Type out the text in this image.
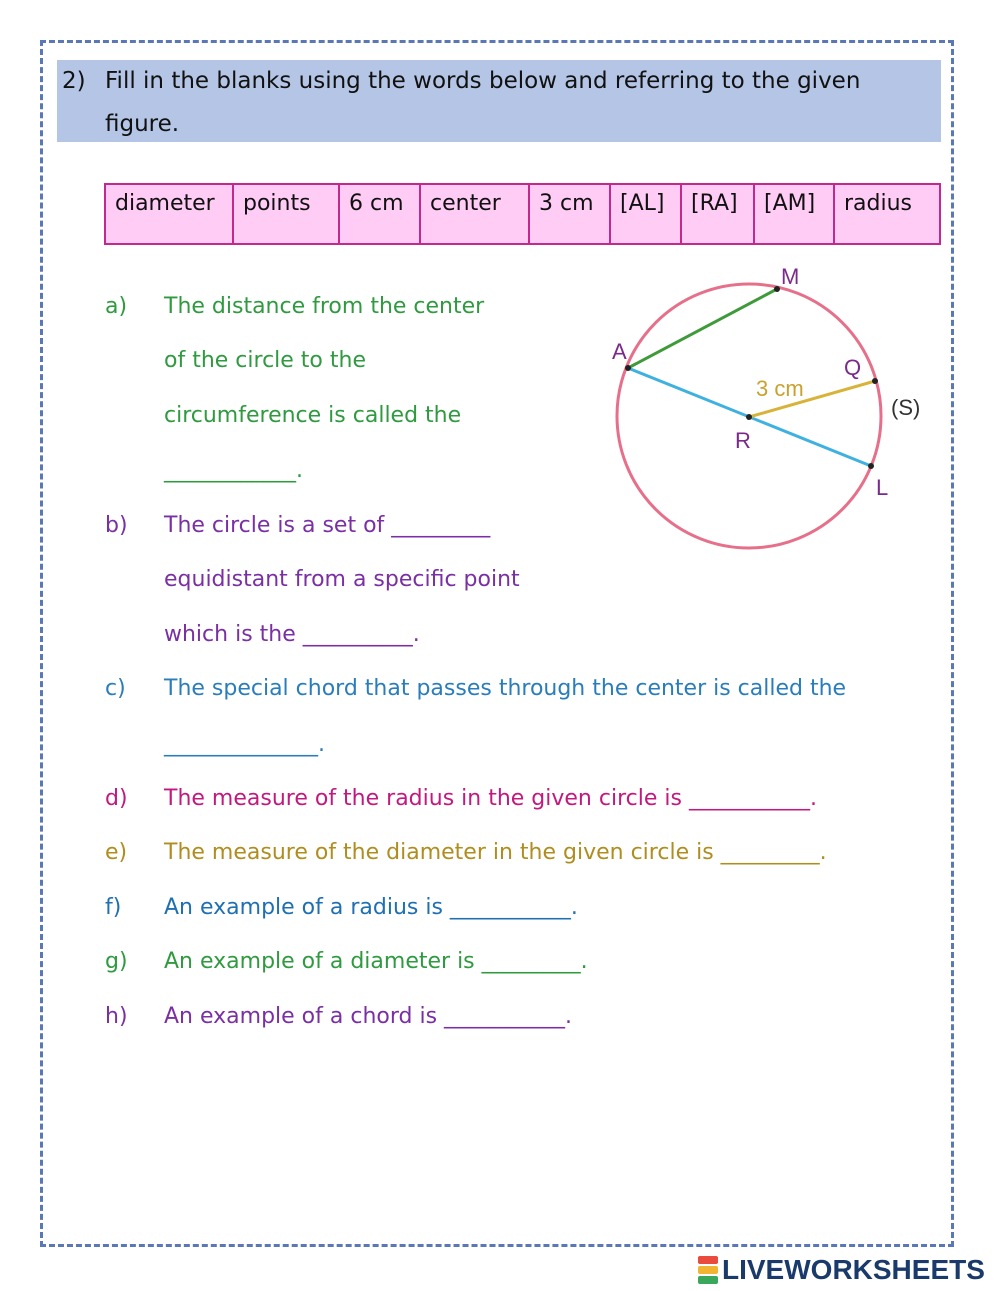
2) Fill in the blanks using the words below and referring to the given figure.
diameter	points	6 cm	center	3 cm	[AL]	[RA]	[AM]	radius
a) The distance from the center
of the circle to the
circumference is called the
____________.
b) The circle is a set of _________
equidistant from a specific point
which is the __________.
c) The special chord that passes through the center is called the
______________.
d) The measure of the radius in the given circle is ___________.
e) The measure of the diameter in the given circle is _________.
f) An example of a radius is ___________.
g) An example of a diameter is _________.
h) An example of a chord is ___________.
M
A
Q
R
L
3 cm
(S)
LIVEWORKSHEETS
